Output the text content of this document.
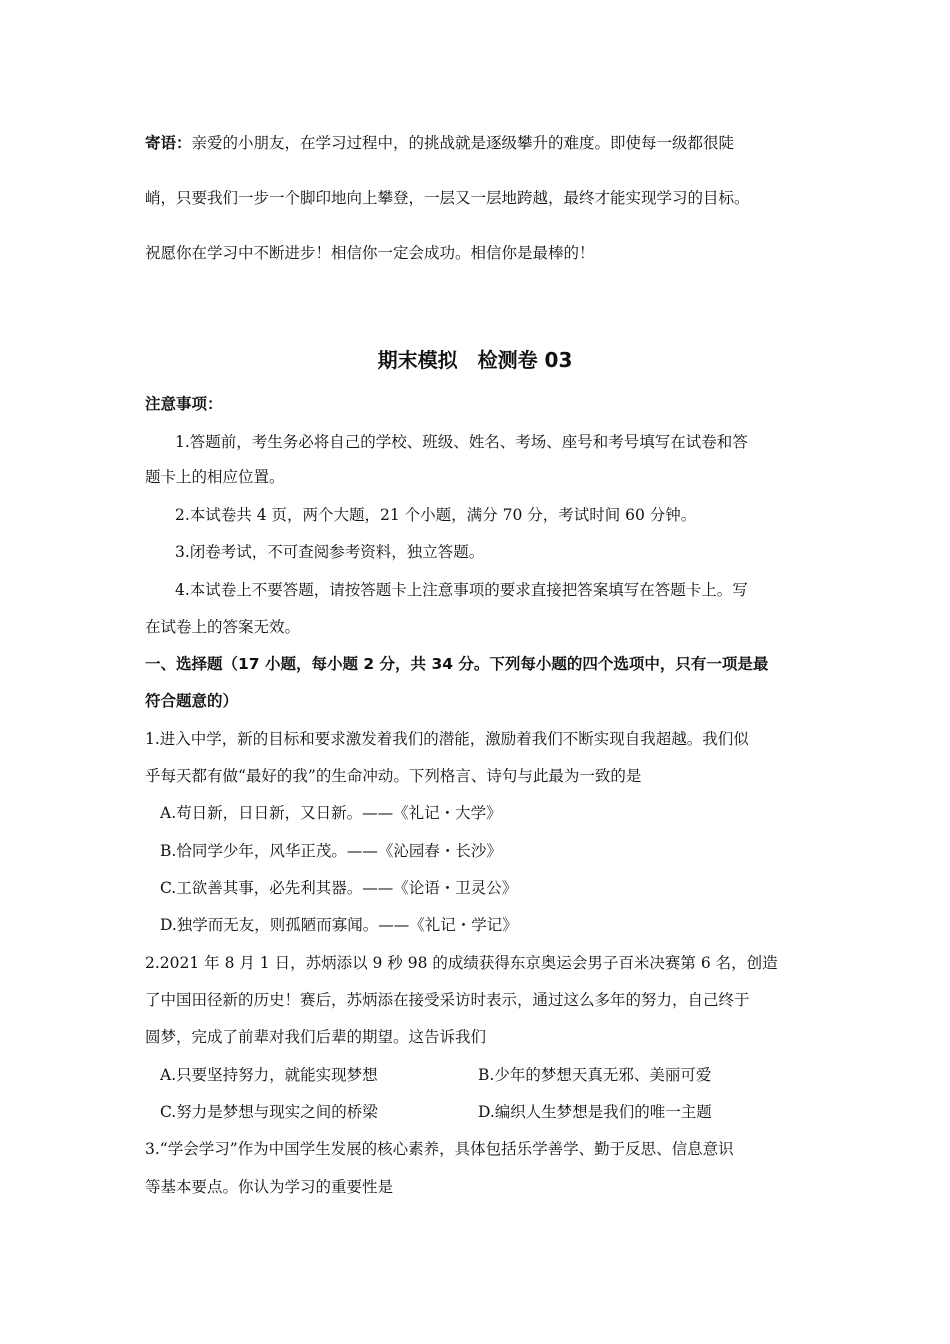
寄语：亲爱的小朋友，在学习过程中，的挑战就是逐级攀升的难度。即使每一级都很陡
峭，只要我们一步一个脚印地向上攀登，一层又一层地跨越，最终才能实现学习的目标。
祝愿你在学习中不断进步！相信你一定会成功。相信你是最棒的！
期末模拟　检测卷 03
注意事项：
1.答题前，考生务必将自己的学校、班级、姓名、考场、座号和考号填写在试卷和答
题卡上的相应位置。
2.本试卷共 4 页，两个大题，21 个小题，满分 70 分，考试时间 60 分钟。
3.闭卷考试，不可查阅参考资料，独立答题。
4.本试卷上不要答题，请按答题卡上注意事项的要求直接把答案填写在答题卡上。写
在试卷上的答案无效。
一、选择题（17 小题，每小题 2 分，共 34 分。下列每小题的四个选项中，只有一项是最
符合题意的）
1.进入中学，新的目标和要求激发着我们的潜能，激励着我们不断实现自我超越。我们似
乎每天都有做“最好的我”的生命冲动。下列格言、诗句与此最为一致的是
A.苟日新，日日新，又日新。——《礼记・大学》
B.恰同学少年，风华正茂。——《沁园春・长沙》
C.工欲善其事，必先利其器。——《论语・卫灵公》
D.独学而无友，则孤陋而寡闻。——《礼记・学记》
2.2021 年 8 月 1 日，苏炳添以 9 秒 98 的成绩获得东京奥运会男子百米决赛第 6 名，创造
了中国田径新的历史！赛后，苏炳添在接受采访时表示，通过这么多年的努力，自己终于
圆梦，完成了前辈对我们后辈的期望。这告诉我们
A.只要坚持努力，就能实现梦想	B.少年的梦想天真无邪、美丽可爱
C.努力是梦想与现实之间的桥梁	D.编织人生梦想是我们的唯一主题
3.“学会学习”作为中国学生发展的核心素养，具体包括乐学善学、勤于反思、信息意识
等基本要点。你认为学习的重要性是
